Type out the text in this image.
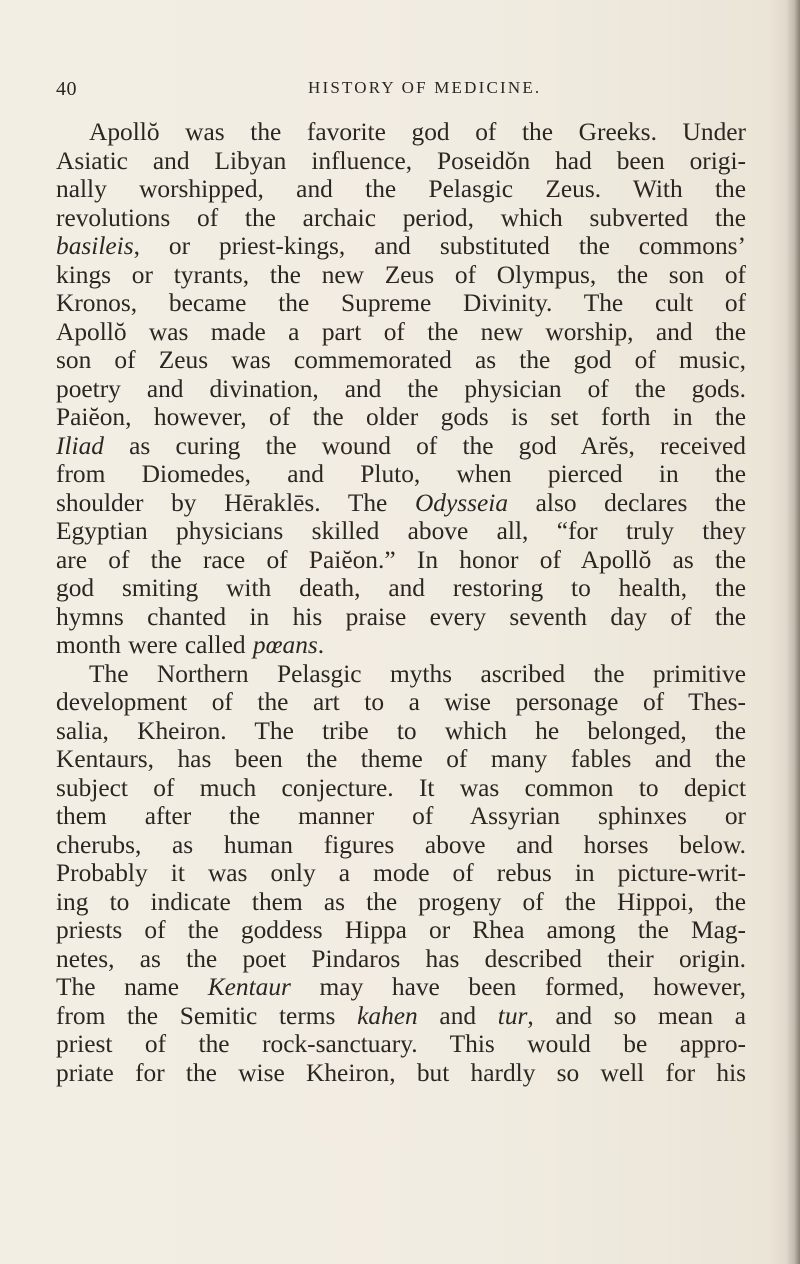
40	HISTORY OF MEDICINE.
Apollŏ was the favorite god of the Greeks. Under
Asiatic and Libyan influence, Poseidŏn had been origi-
nally worshipped, and the Pelasgic Zeus. With the
revolutions of the archaic period, which subverted the
basileis, or priest-kings, and substituted the commons’
kings or tyrants, the new Zeus of Olympus, the son of
Kronos, became the Supreme Divinity. The cult of
Apollŏ was made a part of the new worship, and the
son of Zeus was commemorated as the god of music,
poetry and divination, and the physician of the gods.
Paiĕon, however, of the older gods is set forth in the
Iliad as curing the wound of the god Arĕs, received
from Diomedes, and Pluto, when pierced in the
shoulder by Hēraklēs. The Odysseia also declares the
Egyptian physicians skilled above all, “for truly they
are of the race of Paiĕon.” In honor of Apollŏ as the
god smiting with death, and restoring to health, the
hymns chanted in his praise every seventh day of the
month were called pœans.
The Northern Pelasgic myths ascribed the primitive
development of the art to a wise personage of Thes-
salia, Kheiron. The tribe to which he belonged, the
Kentaurs, has been the theme of many fables and the
subject of much conjecture. It was common to depict
them after the manner of Assyrian sphinxes or
cherubs, as human figures above and horses below.
Probably it was only a mode of rebus in picture-writ-
ing to indicate them as the progeny of the Hippoi, the
priests of the goddess Hippa or Rhea among the Mag-
netes, as the poet Pindaros has described their origin.
The name Kentaur may have been formed, however,
from the Semitic terms kahen and tur, and so mean a
priest of the rock-sanctuary. This would be appro-
priate for the wise Kheiron, but hardly so well for his
